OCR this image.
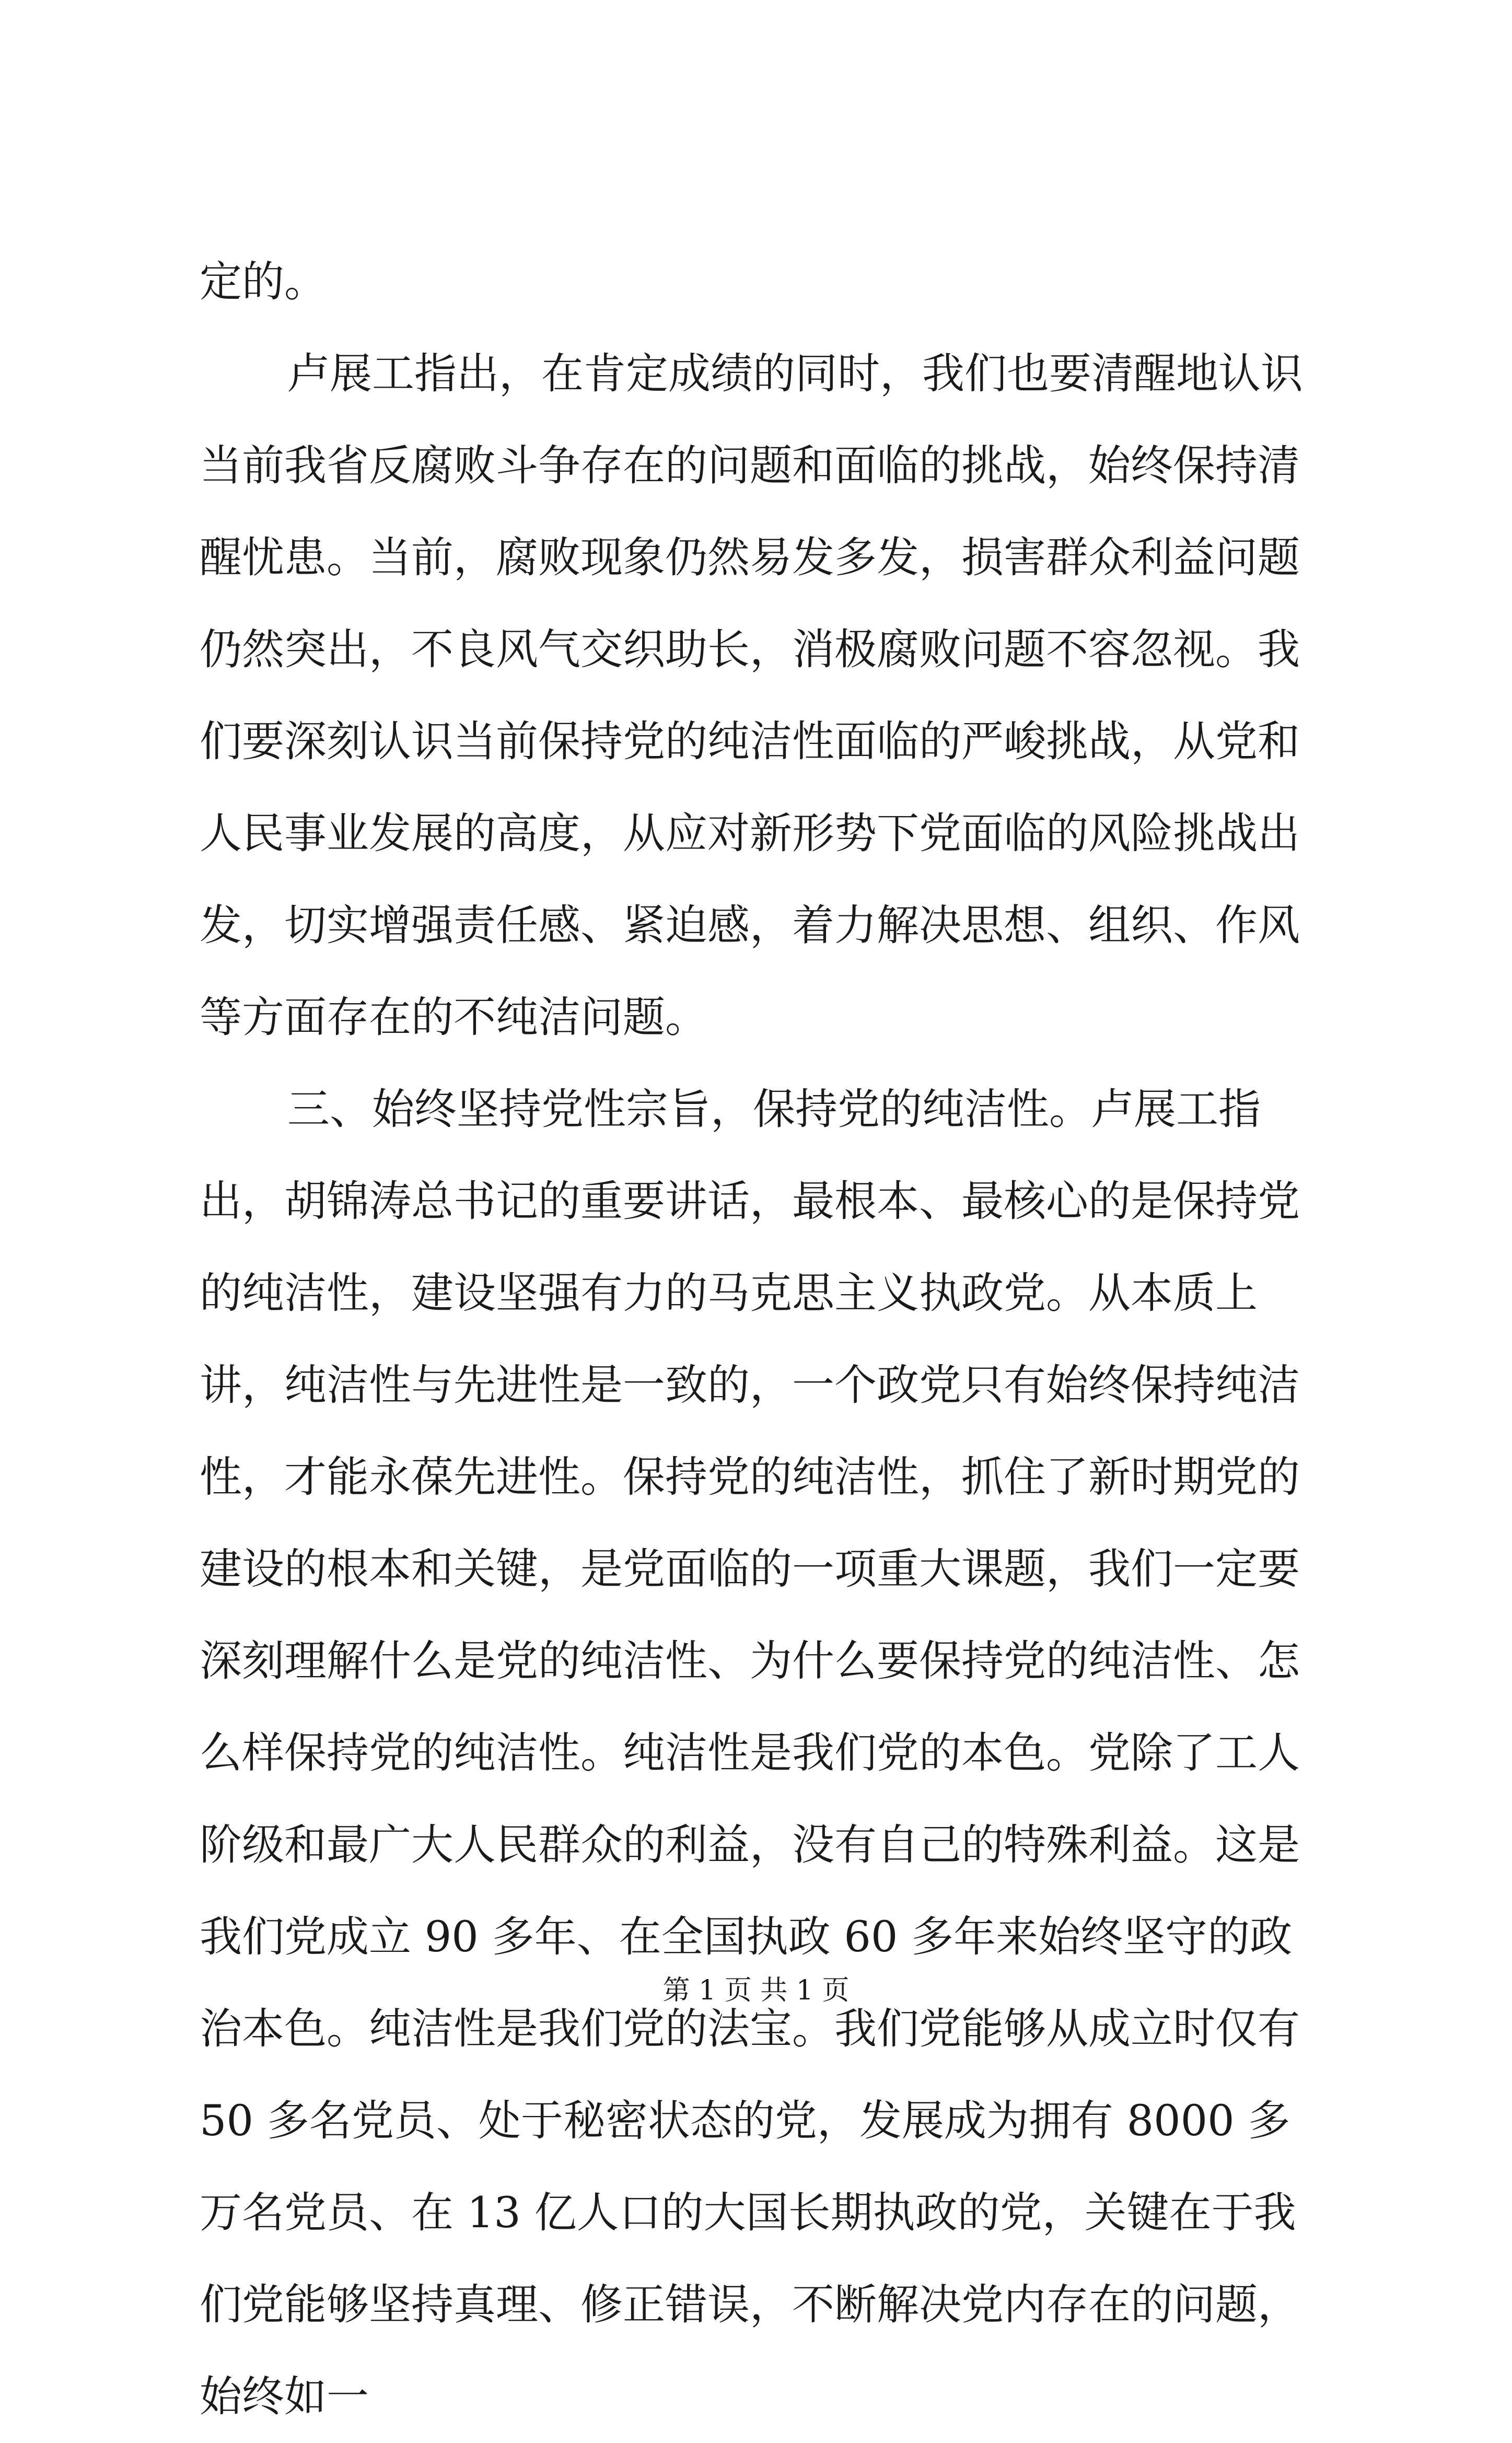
定的。

卢展工指出，在肯定成绩的同时，我们也要清醒地认识当前我省反腐败斗争存在的问题和面临的挑战，始终保持清醒忧患。当前，腐败现象仍然易发多发，损害群众利益问题仍然突出，不良风气交织助长，消极腐败问题不容忽视。我们要深刻认识当前保持党的纯洁性面临的严峻挑战，从党和人民事业发展的高度，从应对新形势下党面临的风险挑战出发，切实增强责任感、紧迫感，着力解决思想、组织、作风等方面存在的不纯洁问题。

三、始终坚持党性宗旨，保持党的纯洁性。卢展工指出，胡锦涛总书记的重要讲话，最根本、最核心的是保持党的纯洁性，建设坚强有力的马克思主义执政党。从本质上讲，纯洁性与先进性是一致的，一个政党只有始终保持纯洁性，才能永葆先进性。保持党的纯洁性，抓住了新时期党的建设的根本和关键，是党面临的一项重大课题，我们一定要深刻理解什么是党的纯洁性、为什么要保持党的纯洁性、怎么样保持党的纯洁性。纯洁性是我们党的本色。党除了工人阶级和最广大人民群众的利益，没有自己的特殊利益。这是我们党成立 90 多年、在全国执政 60 多年来始终坚守的政治本色。纯洁性是我们党的法宝。我们党能够从成立时仅有 50 多名党员、处于秘密状态的党，发展成为拥有 8000 多万名党员、在 13 亿人口的大国长期执政的党，关键在于我们党能够坚持真理、修正错误，不断解决党内存在的问题，始终如一

第 1 页 共 1 页
